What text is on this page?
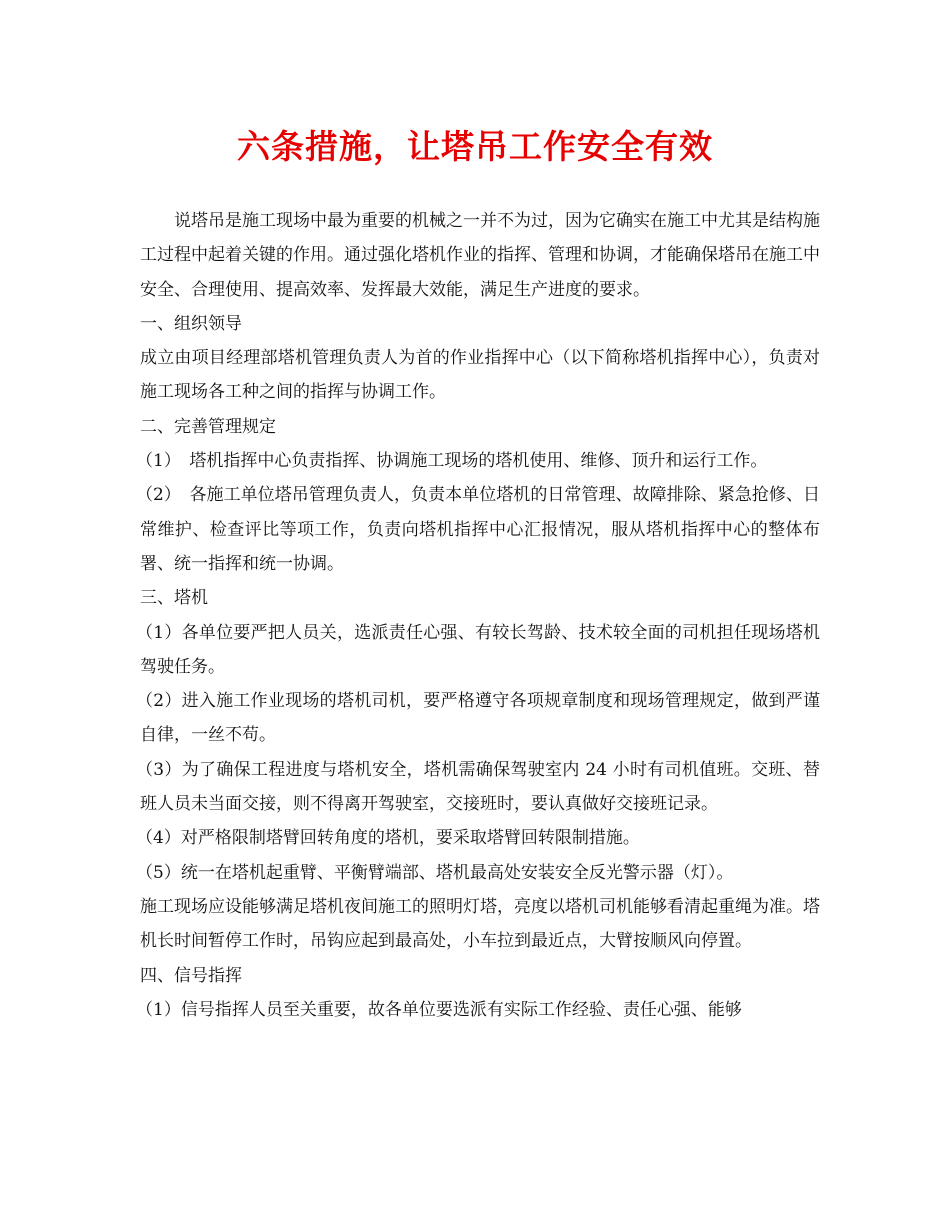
六条措施，让塔吊工作安全有效

说塔吊是施工现场中最为重要的机械之一并不为过，因为它确实在施工中尤其是结构施工过程中起着关键的作用。通过强化塔机作业的指挥、管理和协调，才能确保塔吊在施工中安全、合理使用、提高效率、发挥最大效能，满足生产进度的要求。

一、组织领导

成立由项目经理部塔机管理负责人为首的作业指挥中心（以下简称塔机指挥中心），负责对施工现场各工种之间的指挥与协调工作。

二、完善管理规定

（1）　塔机指挥中心负责指挥、协调施工现场的塔机使用、维修、顶升和运行工作。

（2）　各施工单位塔吊管理负责人，负责本单位塔机的日常管理、故障排除、紧急抢修、日常维护、检查评比等项工作，负责向塔机指挥中心汇报情况，服从塔机指挥中心的整体布署、统一指挥和统一协调。

三、塔机

（1）各单位要严把人员关，选派责任心强、有较长驾龄、技术较全面的司机担任现场塔机驾驶任务。

（2）进入施工作业现场的塔机司机，要严格遵守各项规章制度和现场管理规定，做到严谨自律，一丝不苟。

（3）为了确保工程进度与塔机安全，塔机需确保驾驶室内 24 小时有司机值班。交班、替班人员未当面交接，则不得离开驾驶室，交接班时，要认真做好交接班记录。

（4）对严格限制塔臂回转角度的塔机，要采取塔臂回转限制措施。

（5）统一在塔机起重臂、平衡臂端部、塔机最高处安装安全反光警示器（灯）。

施工现场应设能够满足塔机夜间施工的照明灯塔，亮度以塔机司机能够看清起重绳为准。塔机长时间暂停工作时，吊钩应起到最高处，小车拉到最近点，大臂按顺风向停置。

四、信号指挥

（1）信号指挥人员至关重要，故各单位要选派有实际工作经验、责任心强、能够
